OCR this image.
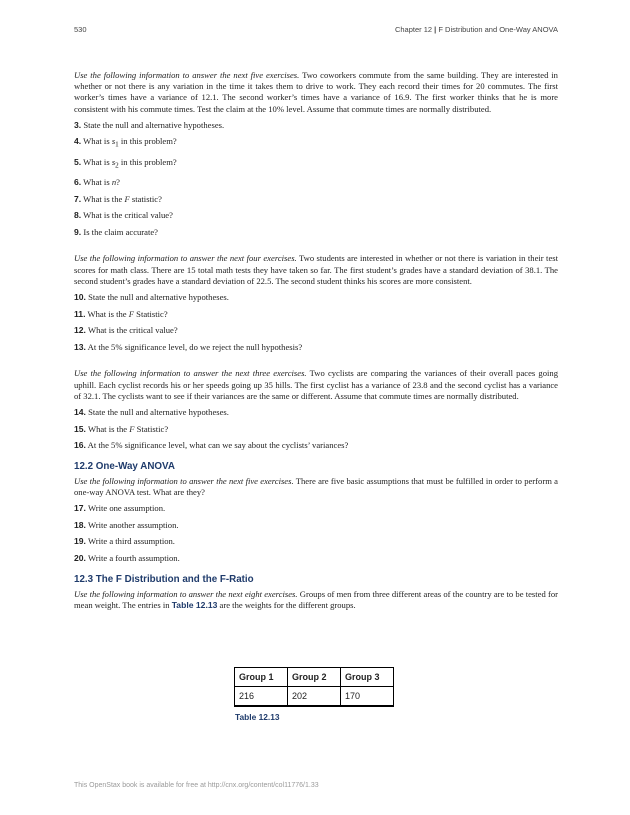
530	Chapter 12 | F Distribution and One-Way ANOVA

Use the following information to answer the next five exercises. Two coworkers commute from the same building. They are interested in whether or not there is any variation in the time it takes them to drive to work. They each record their times for 20 commutes. The first worker’s times have a variance of 12.1. The second worker’s times have a variance of 16.9. The first worker thinks that he is more consistent with his commute times. Test the claim at the 10% level. Assume that commute times are normally distributed.

3. State the null and alternative hypotheses.
4. What is $s_1$ in this problem?
5. What is $s_2$ in this problem?
6. What is n?
7. What is the F statistic?
8. What is the critical value?
9. Is the claim accurate?

Use the following information to answer the next four exercises. Two students are interested in whether or not there is variation in their test scores for math class. There are 15 total math tests they have taken so far. The first student’s grades have a standard deviation of 38.1. The second student’s grades have a standard deviation of 22.5. The second student thinks his scores are more consistent.

10. State the null and alternative hypotheses.
11. What is the F Statistic?
12. What is the critical value?
13. At the 5% significance level, do we reject the null hypothesis?

Use the following information to answer the next three exercises. Two cyclists are comparing the variances of their overall paces going uphill. Each cyclist records his or her speeds going up 35 hills. The first cyclist has a variance of 23.8 and the second cyclist has a variance of 32.1. The cyclists want to see if their variances are the same or different. Assume that commute times are normally distributed.

14. State the null and alternative hypotheses.
15. What is the F Statistic?
16. At the 5% significance level, what can we say about the cyclists’ variances?
12.2 One-Way ANOVA

Use the following information to answer the next five exercises. There are five basic assumptions that must be fulfilled in order to perform a one-way ANOVA test. What are they?

17. Write one assumption.
18. Write another assumption.
19. Write a third assumption.
20. Write a fourth assumption.
12.3 The F Distribution and the F-Ratio

Use the following information to answer the next eight exercises. Groups of men from three different areas of the country are to be tested for mean weight. The entries in Table 12.13 are the weights for the different groups.

Group 1	Group 2	Group 3
216	202	170
Table 12.13
This OpenStax book is available for free at http://cnx.org/content/col11776/1.33
